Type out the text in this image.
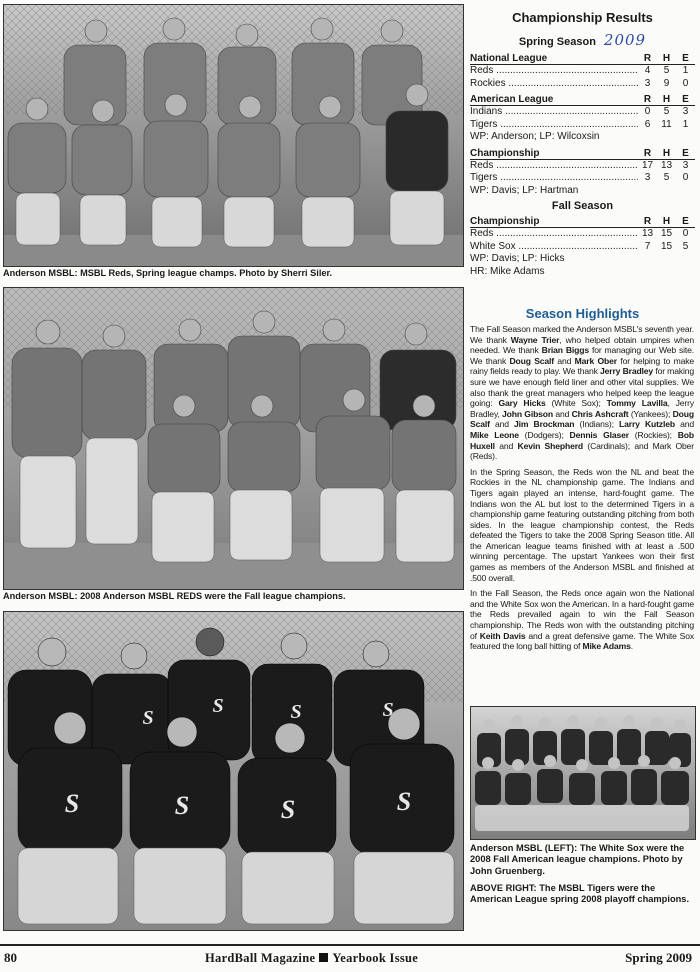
Anderson MSBL: MSBL Reds, Spring league champs. Photo by Sherri Siler.
Anderson MSBL: 2008 Anderson MSBL REDS were the Fall league champions.
S	S	S	S
S
S	S	S
Championship Results
Spring Season 2009
National League	R	H	E
Reds .....	4	5	1
Rockies .....	3	9	0
American League	R	H	E
Indians .....	0	5	3
Tigers .....	6	11	1
WP: Anderson; LP: Wilcoxsin
Championship	R	H	E
Reds .....	17 13	3
Tigers .....	3	5	0
WP: Davis; LP: Hartman
Fall Season
Championship	R	H	E
Reds .....	13 15	0
White Sox .....	7	15	5
WP: Davis; LP: Hicks
HR: Mike Adams
Season Highlights

The Fall Season marked the Anderson MSBL's seventh year. We thank Wayne Trier, who helped obtain umpires when needed. We thank Brian Biggs for managing our Web site. We thank Doug Scalf and Mark Ober for helping to make rainy fields ready to play. We thank Jerry Bradley for making sure we have enough field liner and other vital supplies. We also thank the great managers who helped keep the league going: Gary Hicks (White Sox); Tommy Lavilla, Jerry Bradley, John Gibson and Chris Ashcraft (Yankees); Doug Scalf and Jim Brockman (Indians); Larry Kutzleb and Mike Leone (Dodgers); Dennis Glaser (Rockies); Bob Huxell and Kevin Shepherd (Cardinals); and Mark Ober (Reds).

In the Spring Season, the Reds won the NL and beat the Rockies in the NL championship game. The Indians and Tigers again played an intense, hard-fought game. The Indians won the AL but lost to the determined Tigers in a championship game featuring outstanding pitching from both sides. In the league championship contest, the Reds defeated the Tigers to take the 2008 Spring Season title. All the American league teams finished with at least a .500 winning percentage. The upstart Yankees won their first games as members of the Anderson MSBL and finished at .500 overall.

In the Fall Season, the Reds once again won the National and the White Sox won the American. In a hard-fought game the Reds prevailed again to win the Fall Season championship. The Reds won with the outstanding pitching of Keith Davis and a great defensive game. The White Sox featured the long ball hitting of Mike Adams.

Anderson MSBL (LEFT): The White Sox were the 2008 Fall American league champions. Photo by John Gruenberg.

ABOVE RIGHT: The MSBL Tigers were the American League spring 2008 playoff champions.

80	HardBall Magazine Yearbook Issue	Spring 2009
